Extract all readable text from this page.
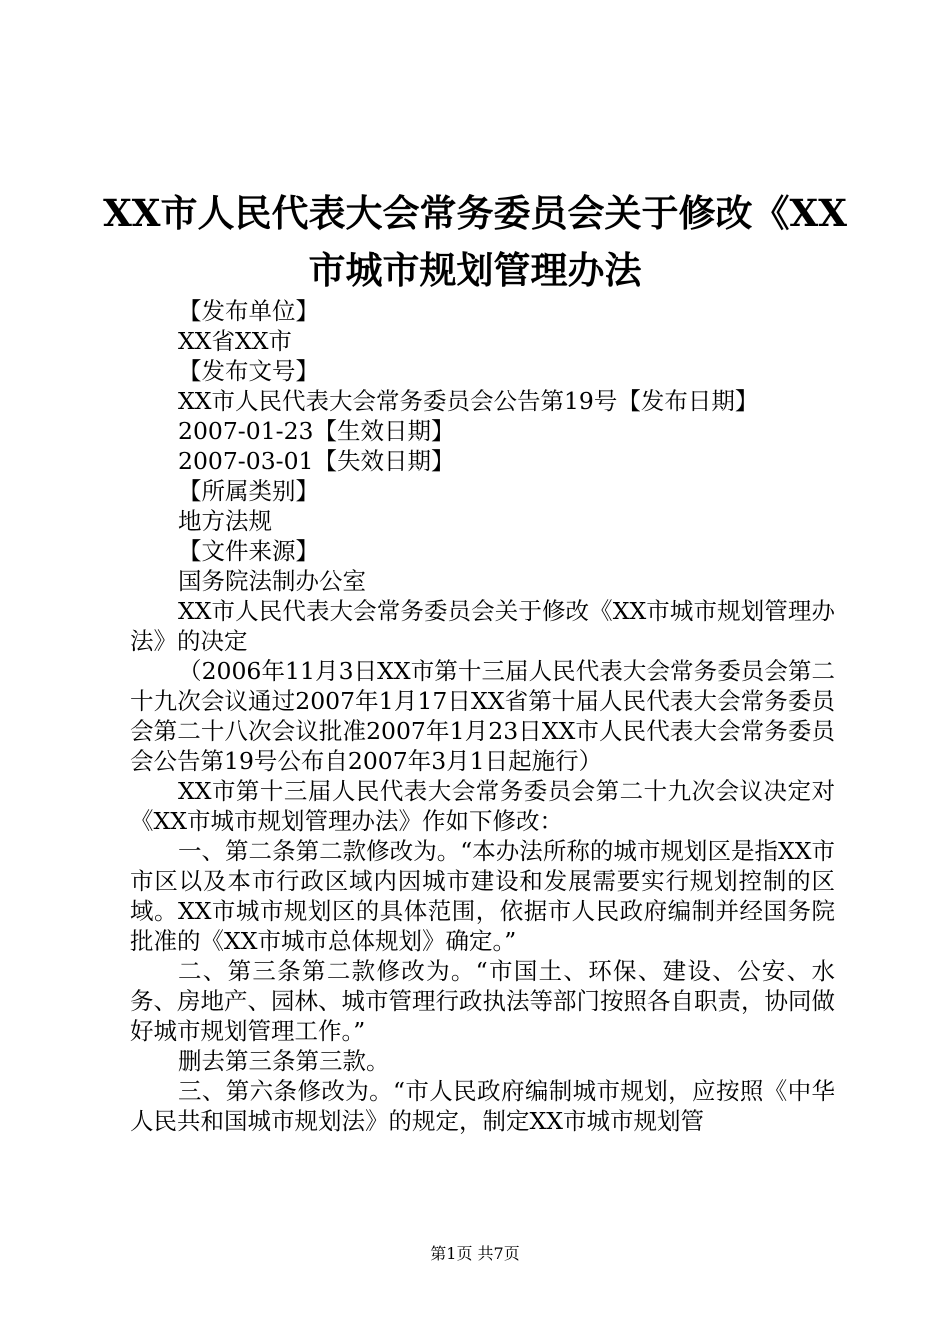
XX市人民代表大会常务委员会关于修改《XX
市城市规划管理办法
【发布单位】
XX省XX市
【发布文号】
XX市人民代表大会常务委员会公告第19号【发布日期】
2007-01-23【生效日期】
2007-03-01【失效日期】
【所属类别】
地方法规
【文件来源】
国务院法制办公室
XX市人民代表大会常务委员会关于修改《XX市城市规划管理办法》的决定
（2006年11月3日XX市第十三届人民代表大会常务委员会第二十九次会议通过2007年1月17日XX省第十届人民代表大会常务委员会第二十八次会议批准2007年1月23日XX市人民代表大会常务委员会公告第19号公布自2007年3月1日起施行）
XX市第十三届人民代表大会常务委员会第二十九次会议决定对《XX市城市规划管理办法》作如下修改：
一、第二条第二款修改为。“本办法所称的城市规划区是指XX市市区以及本市行政区域内因城市建设和发展需要实行规划控制的区域。XX市城市规划区的具体范围，依据市人民政府编制并经国务院批准的《XX市城市总体规划》确定。”
二、第三条第二款修改为。“市国土、环保、建设、公安、水务、房地产、园林、城市管理行政执法等部门按照各自职责，协同做好城市规划管理工作。”
删去第三条第三款。
三、第六条修改为。“市人民政府编制城市规划，应按照《中华人民共和国城市规划法》的规定，制定XX市城市规划管
第1页 共7页
